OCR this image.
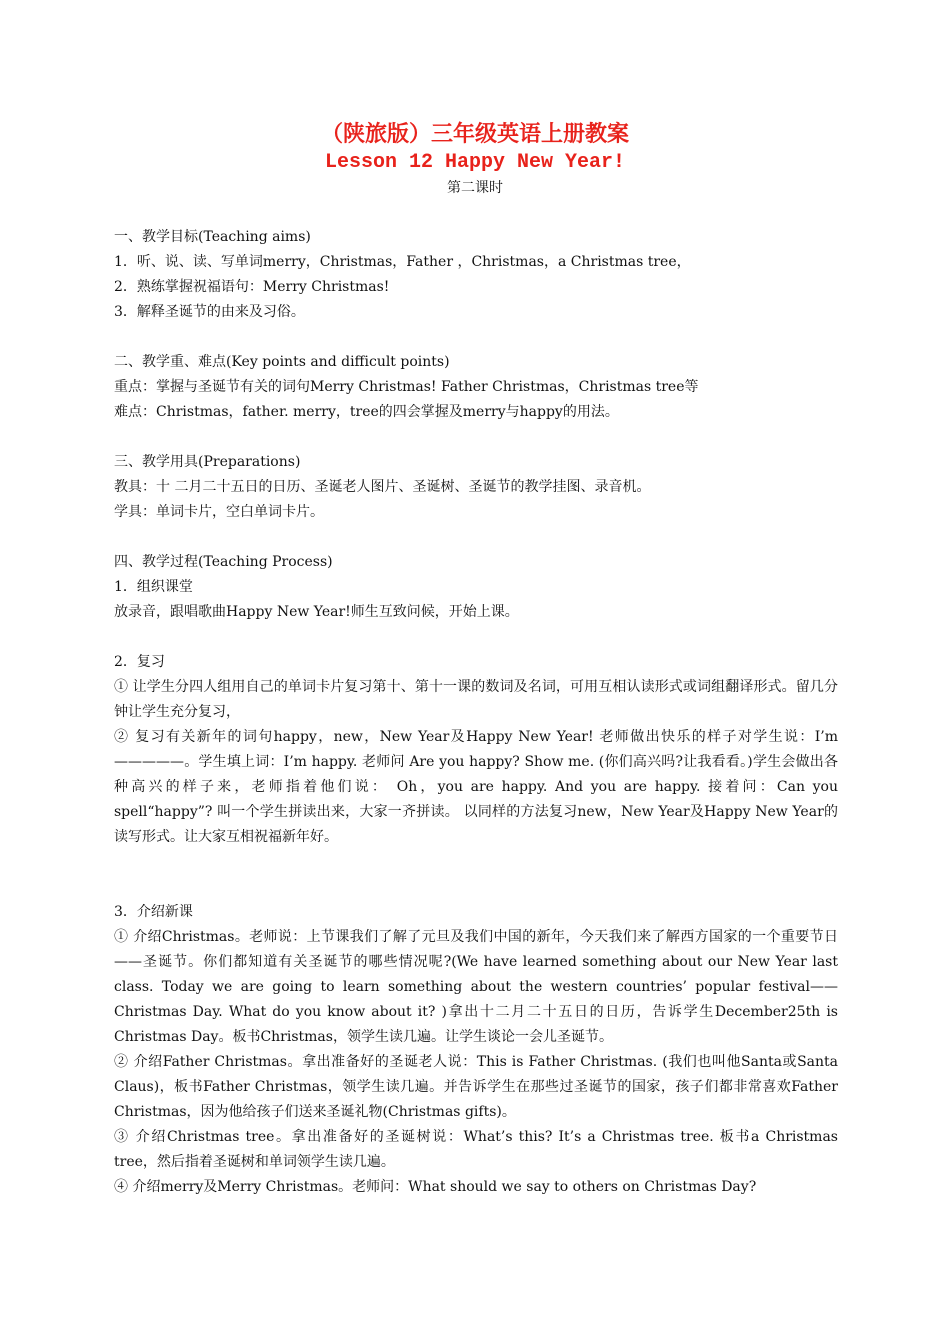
（陕旅版）三年级英语上册教案
Lesson 12 Happy New Year!
第二课时

一、教学目标(Teaching aims)

1．听、说、读、写单词merry，Christmas，Father ，Christmas，a Christmas tree，

2．熟练掌握祝福语句：Merry Christmas!

3．解释圣诞节的由来及习俗。

二、教学重、难点(Key points and difficult points)

重点：掌握与圣诞节有关的词句Merry Christmas! Father Christmas，Christmas tree等

难点：Christmas，father. merry，tree的四会掌握及merry与happy的用法。

三、教学用具(Preparations)

教具：十 二月二十五日的日历、圣诞老人图片、圣诞树、圣诞节的教学挂图、录音机。

学具：单词卡片，空白单词卡片。

四、教学过程(Teaching Process)

1．组织课堂

放录音，跟唱歌曲Happy New Year!师生互致问候，开始上课。

2．复习

① 让学生分四人组用自己的单词卡片复习第十、第十一课的数词及名词，可用互相认读形式或词组翻译形式。留几分钟让学生充分复习，

② 复习有关新年的词句happy，new，New Year及Happy New Year! 老师做出快乐的样子对学生说：I’m—————。学生填上词：I’m happy. 老师问 Are you happy? Show me. (你们高兴吗?让我看看。)学生会做出各种高兴的样子来，老师指着他们说： Oh，you are happy. And you are happy. 接着问：Can you spell“happy”? 叫一个学生拼读出来，大家一齐拼读。 以同样的方法复习new，New Year及Happy New Year的读写形式。让大家互相祝福新年好。

3．介绍新课

① 介绍Christmas。老师说：上节课我们了解了元旦及我们中国的新年，今天我们来了解西方国家的一个重要节日——圣诞节。你们都知道有关圣诞节的哪些情况呢?(We have learned something about our New Year last class. Today we are going to learn something about the western countries’ popular festival——Christmas Day. What do you know about it? )拿出十二月二十五日的日历，告诉学生December25th is Christmas Day。板书Christmas，领学生读几遍。让学生谈论一会儿圣诞节。

② 介绍Father Christmas。拿出准备好的圣诞老人说：This is Father Christmas. (我们也叫他Santa或Santa Claus)，板书Father Christmas，领学生读几遍。并告诉学生在那些过圣诞节的国家，孩子们都非常喜欢Father Christmas，因为他给孩子们送来圣诞礼物(Christmas gifts)。

③ 介绍Christmas tree。拿出准备好的圣诞树说：What’s this? It’s a Christmas tree. 板书a Christmas tree，然后指着圣诞树和单词领学生读几遍。

④ 介绍merry及Merry Christmas。老师问：What should we say to others on Christmas Day?
